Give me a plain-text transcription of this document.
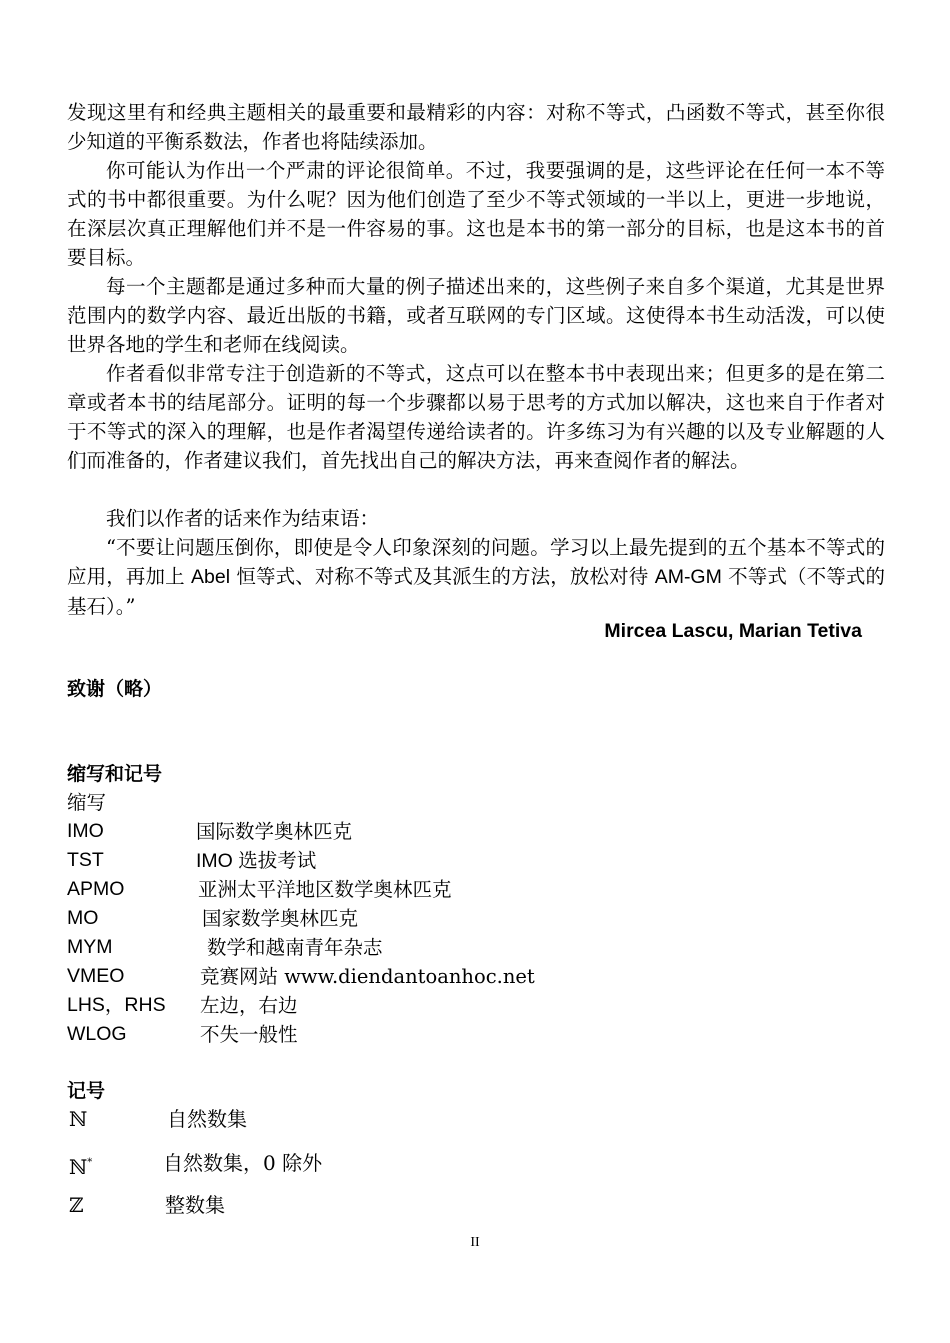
发现这里有和经典主题相关的最重要和最精彩的内容：对称不等式，凸函数不等式，甚至你很少知道的平衡系数法，作者也将陆续添加。

你可能认为作出一个严肃的评论很简单。不过，我要强调的是，这些评论在任何一本不等式的书中都很重要。为什么呢？因为他们创造了至少不等式领域的一半以上，更进一步地说，在深层次真正理解他们并不是一件容易的事。这也是本书的第一部分的目标，也是这本书的首要目标。

每一个主题都是通过多种而大量的例子描述出来的，这些例子来自多个渠道，尤其是世界范围内的数学内容、最近出版的书籍，或者互联网的专门区域。这使得本书生动活泼，可以使世界各地的学生和老师在线阅读。

作者看似非常专注于创造新的不等式，这点可以在整本书中表现出来；但更多的是在第二章或者本书的结尾部分。证明的每一个步骤都以易于思考的方式加以解决，这也来自于作者对于不等式的深入的理解，也是作者渴望传递给读者的。许多练习为有兴趣的以及专业解题的人们而准备的，作者建议我们，首先找出自己的解决方法，再来查阅作者的解法。

我们以作者的话来作为结束语：

“不要让问题压倒你，即使是令人印象深刻的问题。学习以上最先提到的五个基本不等式的应用，再加上 Abel 恒等式、对称不等式及其派生的方法，放松对待 AM-GM 不等式（不等式的基石）。”

Mircea Lascu, Marian Tetiva
致谢（略）
缩写和记号
缩写
IMO	国际数学奥林匹克
TST	IMO 选拔考试
APMO	亚洲太平洋地区数学奥林匹克
MO	国家数学奥林匹克
MYM	数学和越南青年杂志
VMEO	竞赛网站 www.diendantoanhoc.net
LHS，RHS 左边，右边
WLOG	不失一般性
记号
ℕ	自然数集
ℕ*	自然数集，0 除外
ℤ	整数集
II
